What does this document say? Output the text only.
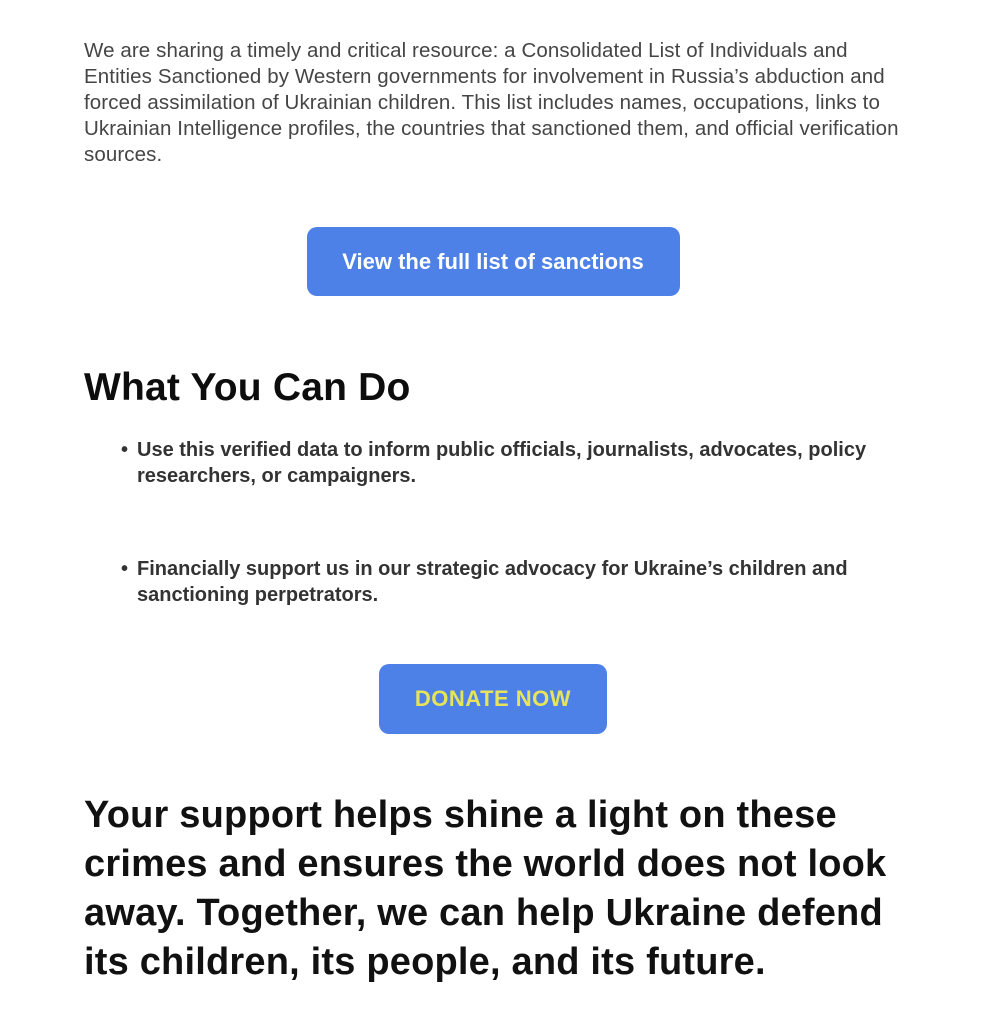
We are sharing a timely and critical resource: a Consolidated List of Individuals and Entities Sanctioned by Western governments for involvement in Russia’s abduction and forced assimilation of Ukrainian children. This list includes names, occupations, links to Ukrainian Intelligence profiles, the countries that sanctioned them, and official verification sources.

View the full list of sanctions
What You Can Do
• Use this verified data to inform public officials, journalists, advocates, policy researchers, or campaigners.
• Financially support us in our strategic advocacy for Ukraine’s children and sanctioning perpetrators.
DONATE NOW

Your support helps shine a light on these crimes and ensures the world does not look away. Together, we can help Ukraine defend its children, its people, and its future.
